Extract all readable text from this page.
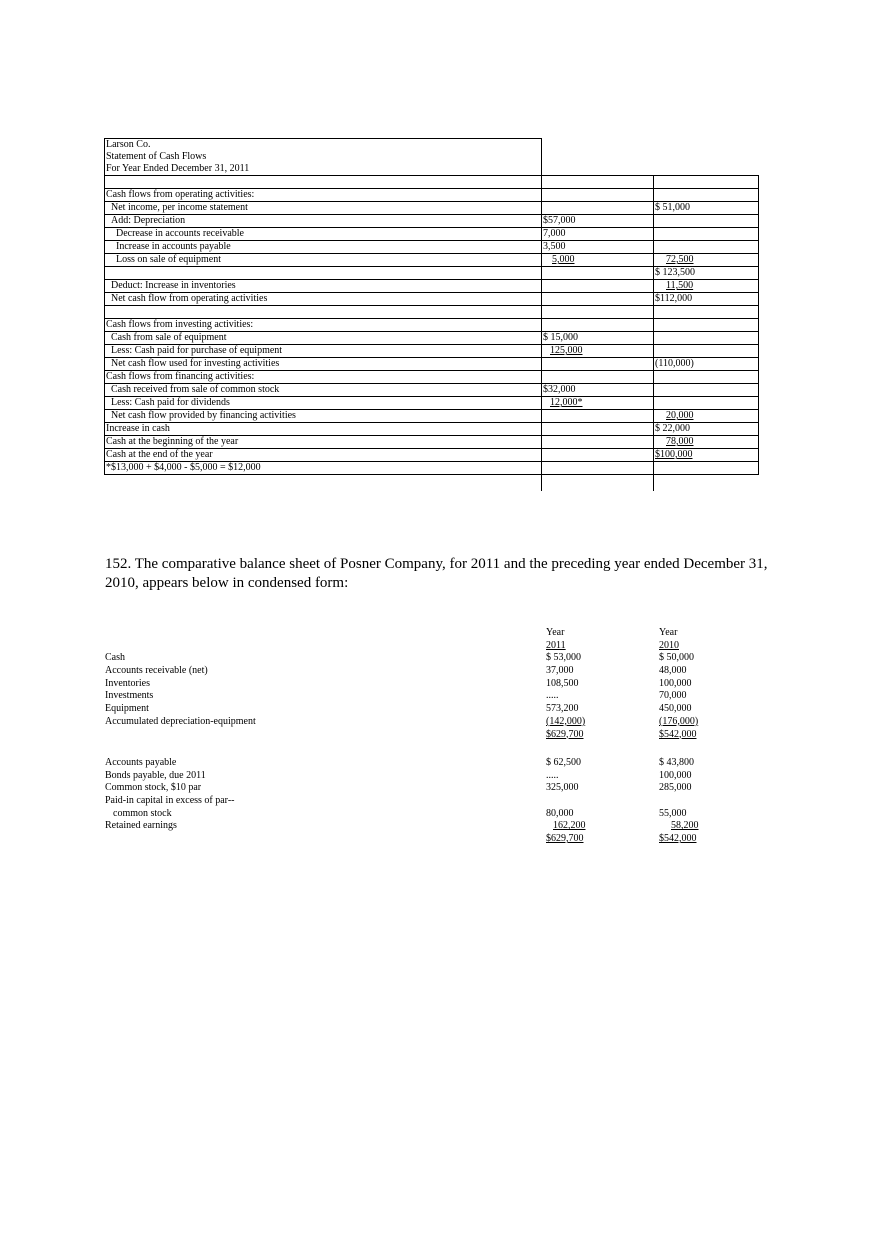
Larson Co.		
Statement of Cash Flows		
For Year Ended December 31, 2011		

Cash flows from operating activities:		
Net income, per income statement		$ 51,000
Add: Depreciation	$57,000	
Decrease in accounts receivable	7,000	
Increase in accounts payable	3,500	
Loss on sale of equipment	5,000	72,500
		$ 123,500
Deduct: Increase in inventories		11,500
Net cash flow from operating activities		$112,000

Cash flows from investing activities:		
Cash from sale of equipment	$ 15,000	
Less: Cash paid for purchase of equipment	125,000	
Net cash flow used for investing activities		(110,000)
Cash flows from financing activities:		
Cash received from sale of common stock	$32,000	
Less: Cash paid for dividends	12,000*	
Net cash flow provided by financing activities		20,000
Increase in cash		$ 22,000
Cash at the beginning of the year		78,000
Cash at the end of the year		$100,000
*$13,000 + $4,000 - $5,000 = $12,000		

152. The comparative balance sheet of Posner Company, for 2011 and the preceding year ended December 31, 2010, appears below in condensed form:
Year	Year
2011	2010
Cash	$ 53,000	$ 50,000
Accounts receivable (net)	37,000	48,000
Inventories	108,500	100,000
Investments	.....	70,000
Equipment	573,200	450,000
Accumulated depreciation-equipment	(142,000)	(176,000)
$629,700	$542,000
Accounts payable	$ 62,500	$ 43,800
Bonds payable, due 2011	.....	100,000
Common stock, $10 par	325,000	285,000
Paid-in capital in excess of par--
common stock	80,000	55,000
Retained earnings	162,200	58,200
$629,700	$542,000
